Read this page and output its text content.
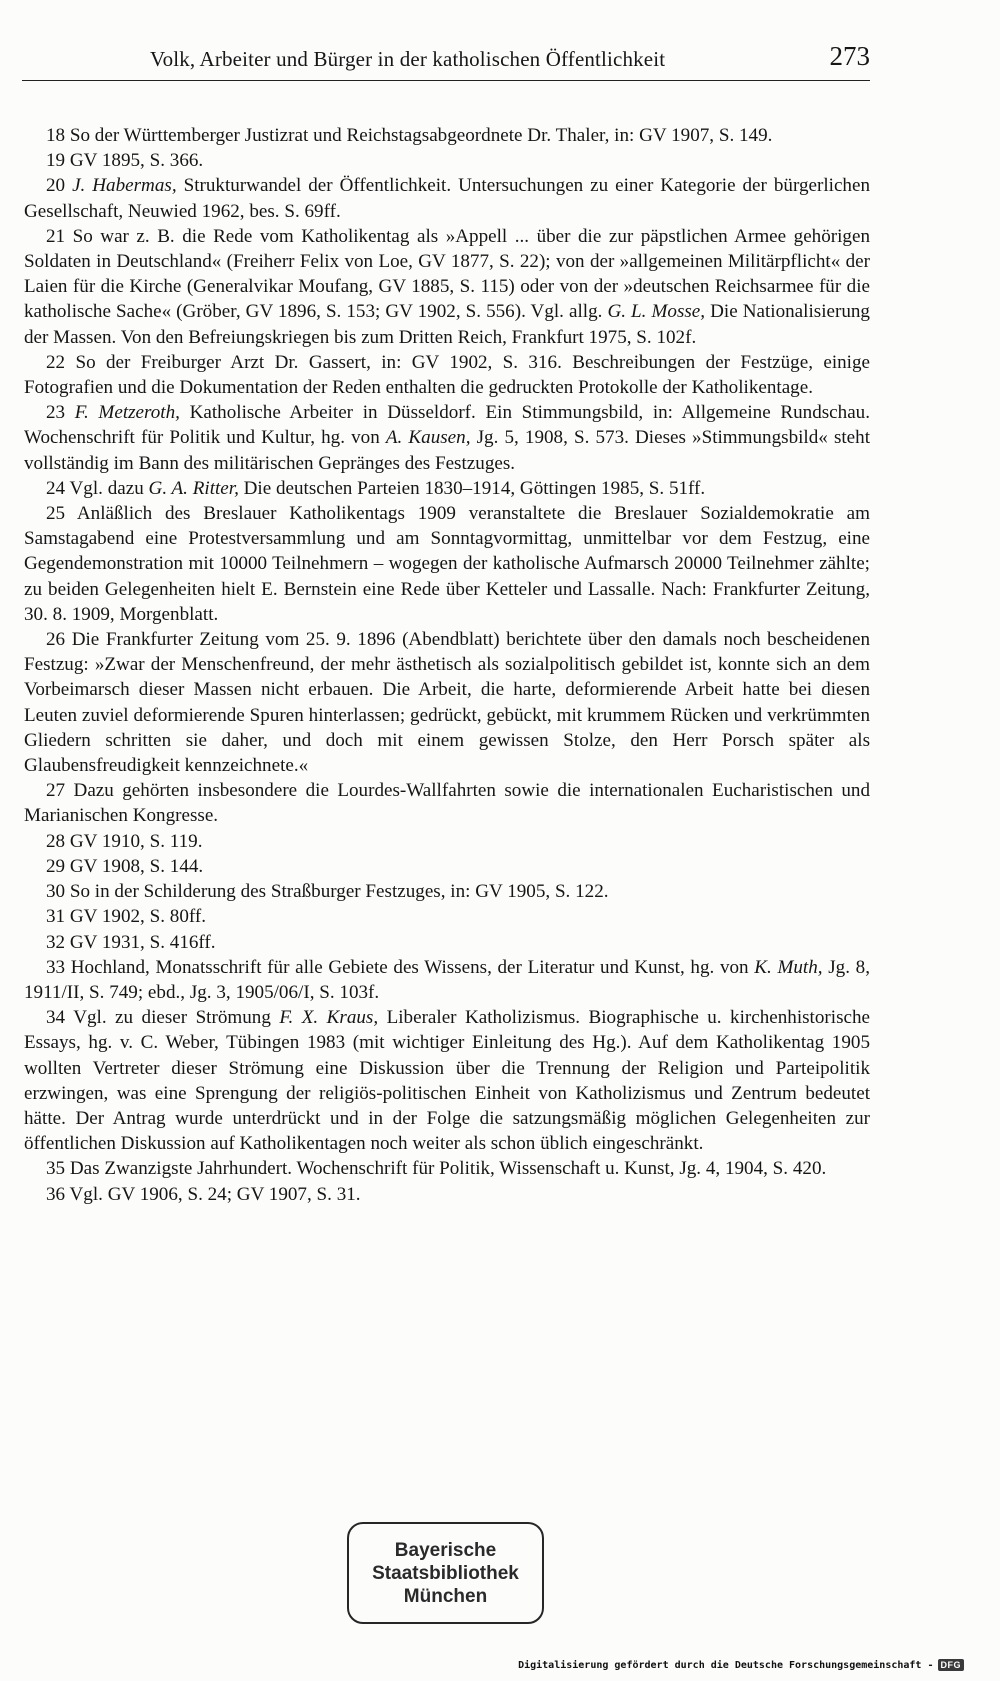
Volk, Arbeiter und Bürger in der katholischen Öffentlichkeit	273

18 So der Württemberger Justizrat und Reichstagsabgeordnete Dr. Thaler, in: GV 1907, S. 149.

19 GV 1895, S. 366.

20 J. Habermas, Strukturwandel der Öffentlichkeit. Untersuchungen zu einer Kategorie der bürgerlichen Gesellschaft, Neuwied 1962, bes. S. 69ff.

21 So war z. B. die Rede vom Katholikentag als »Appell ... über die zur päpstlichen Armee gehörigen Soldaten in Deutschland« (Freiherr Felix von Loe, GV 1877, S. 22); von der »allgemeinen Militärpflicht« der Laien für die Kirche (Generalvikar Moufang, GV 1885, S. 115) oder von der »deutschen Reichsarmee für die katholische Sache« (Gröber, GV 1896, S. 153; GV 1902, S. 556). Vgl. allg. G. L. Mosse, Die Nationalisierung der Massen. Von den Befreiungskriegen bis zum Dritten Reich, Frankfurt 1975, S. 102f.

22 So der Freiburger Arzt Dr. Gassert, in: GV 1902, S. 316. Beschreibungen der Festzüge, einige Fotografien und die Dokumentation der Reden enthalten die gedruckten Protokolle der Katholikentage.

23 F. Metzeroth, Katholische Arbeiter in Düsseldorf. Ein Stimmungsbild, in: Allgemeine Rundschau. Wochenschrift für Politik und Kultur, hg. von A. Kausen, Jg. 5, 1908, S. 573. Dieses »Stimmungsbild« steht vollständig im Bann des militärischen Gepränges des Festzuges.

24 Vgl. dazu G. A. Ritter, Die deutschen Parteien 1830–1914, Göttingen 1985, S. 51ff.

25 Anläßlich des Breslauer Katholikentags 1909 veranstaltete die Breslauer Sozialdemokratie am Samstagabend eine Protestversammlung und am Sonntagvormittag, unmittelbar vor dem Festzug, eine Gegendemonstration mit 10000 Teilnehmern – wogegen der katholische Aufmarsch 20000 Teilnehmer zählte; zu beiden Gelegenheiten hielt E. Bernstein eine Rede über Ketteler und Lassalle. Nach: Frankfurter Zeitung, 30. 8. 1909, Morgenblatt.

26 Die Frankfurter Zeitung vom 25. 9. 1896 (Abendblatt) berichtete über den damals noch bescheidenen Festzug: »Zwar der Menschenfreund, der mehr ästhetisch als sozialpolitisch gebildet ist, konnte sich an dem Vorbeimarsch dieser Massen nicht erbauen. Die Arbeit, die harte, deformierende Arbeit hatte bei diesen Leuten zuviel deformierende Spuren hinterlassen; gedrückt, gebückt, mit krummem Rücken und verkrümmten Gliedern schritten sie daher, und doch mit einem gewissen Stolze, den Herr Porsch später als Glaubensfreudigkeit kennzeichnete.«

27 Dazu gehörten insbesondere die Lourdes-Wallfahrten sowie die internationalen Eucharistischen und Marianischen Kongresse.

28 GV 1910, S. 119.

29 GV 1908, S. 144.

30 So in der Schilderung des Straßburger Festzuges, in: GV 1905, S. 122.

31 GV 1902, S. 80ff.

32 GV 1931, S. 416ff.

33 Hochland, Monatsschrift für alle Gebiete des Wissens, der Literatur und Kunst, hg. von K. Muth, Jg. 8, 1911/II, S. 749; ebd., Jg. 3, 1905/06/I, S. 103f.

34 Vgl. zu dieser Strömung F. X. Kraus, Liberaler Katholizismus. Biographische u. kirchenhistorische Essays, hg. v. C. Weber, Tübingen 1983 (mit wichtiger Einleitung des Hg.). Auf dem Katholikentag 1905 wollten Vertreter dieser Strömung eine Diskussion über die Trennung der Religion und Parteipolitik erzwingen, was eine Sprengung der religiös-politischen Einheit von Katholizismus und Zentrum bedeutet hätte. Der Antrag wurde unterdrückt und in der Folge die satzungsmäßig möglichen Gelegenheiten zur öffentlichen Diskussion auf Katholikentagen noch weiter als schon üblich eingeschränkt.

35 Das Zwanzigste Jahrhundert. Wochenschrift für Politik, Wissenschaft u. Kunst, Jg. 4, 1904, S. 420.

36 Vgl. GV 1906, S. 24; GV 1907, S. 31.

Bayerische
Staatsbibliothek
München
Digitalisierung gefördert durch die Deutsche Forschungsgemeinschaft - DFG
